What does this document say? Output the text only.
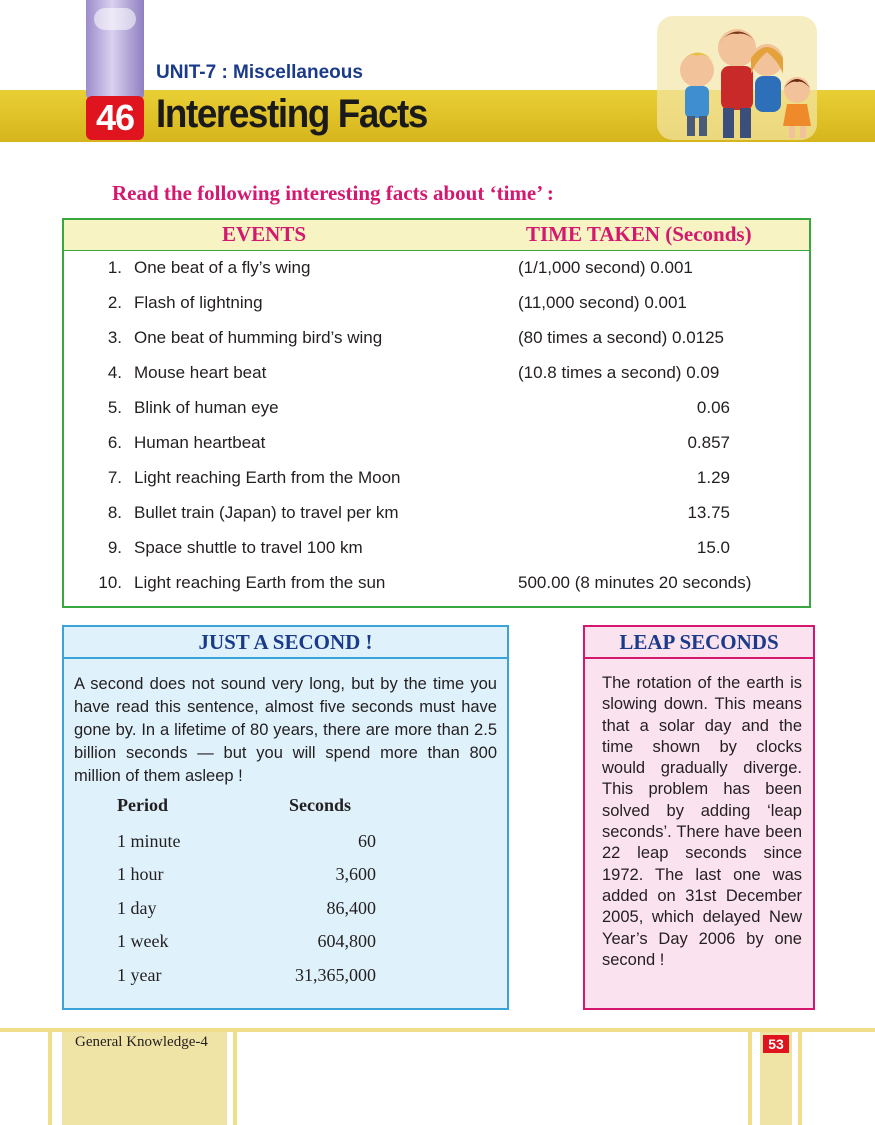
UNIT-7 : Miscellaneous
46 Interesting Facts
Read the following interesting facts about ‘time’ :
EVENTS	TIME TAKEN (Seconds)
1. One beat of a fly’s wing	(1/1,000 second) 0.001
2. Flash of lightning	(11,000 second) 0.001
3. One beat of humming bird’s wing	(80 times a second) 0.0125
4. Mouse heart beat	(10.8 times a second) 0.09
5. Blink of human eye	0.06
6. Human heartbeat	0.857
7. Light reaching Earth from the Moon	1.29
8. Bullet train (Japan) to travel per km	13.75
9. Space shuttle to travel 100 km	15.0
10. Light reaching Earth from the sun	500.00 (8 minutes 20 seconds)
JUST A SECOND !
A second does not sound very long, but by the time you have read this sentence, almost five seconds must have gone by. In a lifetime of 80 years, there are more than 2.5 billion seconds — but you will spend more than 800 million of them asleep !
Period	Seconds
1 minute	60
1 hour	3,600
1 day	86,400
1 week	604,800
1 year	31,365,000
LEAP SECONDS
The rotation of the earth is slowing down. This means that a solar day and the time shown by clocks would gradually diverge. This problem has been solved by adding ‘leap seconds’. There have been 22 leap seconds since 1972. The last one was added on 31st December 2005, which delayed New Year’s Day 2006 by one second !
General Knowledge-4	53
